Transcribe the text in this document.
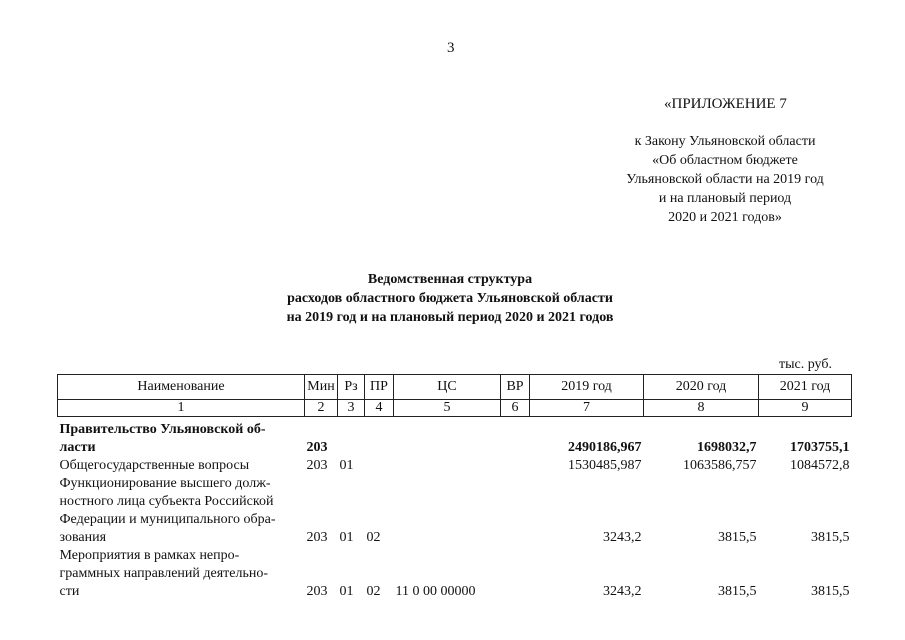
3
«ПРИЛОЖЕНИЕ 7
к Закону Ульяновской области
«Об областном бюджете
Ульяновской области на 2019 год
и на плановый период
2020 и 2021 годов»
Ведомственная структура
расходов областного бюджета Ульяновской области
на 2019 год и на плановый период 2020 и 2021 годов
тыс. руб.
Наименование	Мин	Рз	ПР	ЦС	ВР	2019 год	2020 год	2021 год
1	2	3	4	5	6	7	8	9

Правительство Ульяновской об-
ласти	203					2490186,967	1698032,7	1703755,1

Общегосударственные вопросы	203	01				1530485,987	1063586,757	1084572,8

Функционирование высшего долж-
ностного лица субъекта Российской
Федерации и муниципального обра-
зования	203	01	02			3243,2	3815,5	3815,5

Мероприятия в рамках непро-
граммных направлений деятельно-
сти	203	01	02	11 0 00 00000		3243,2	3815,5	3815,5
